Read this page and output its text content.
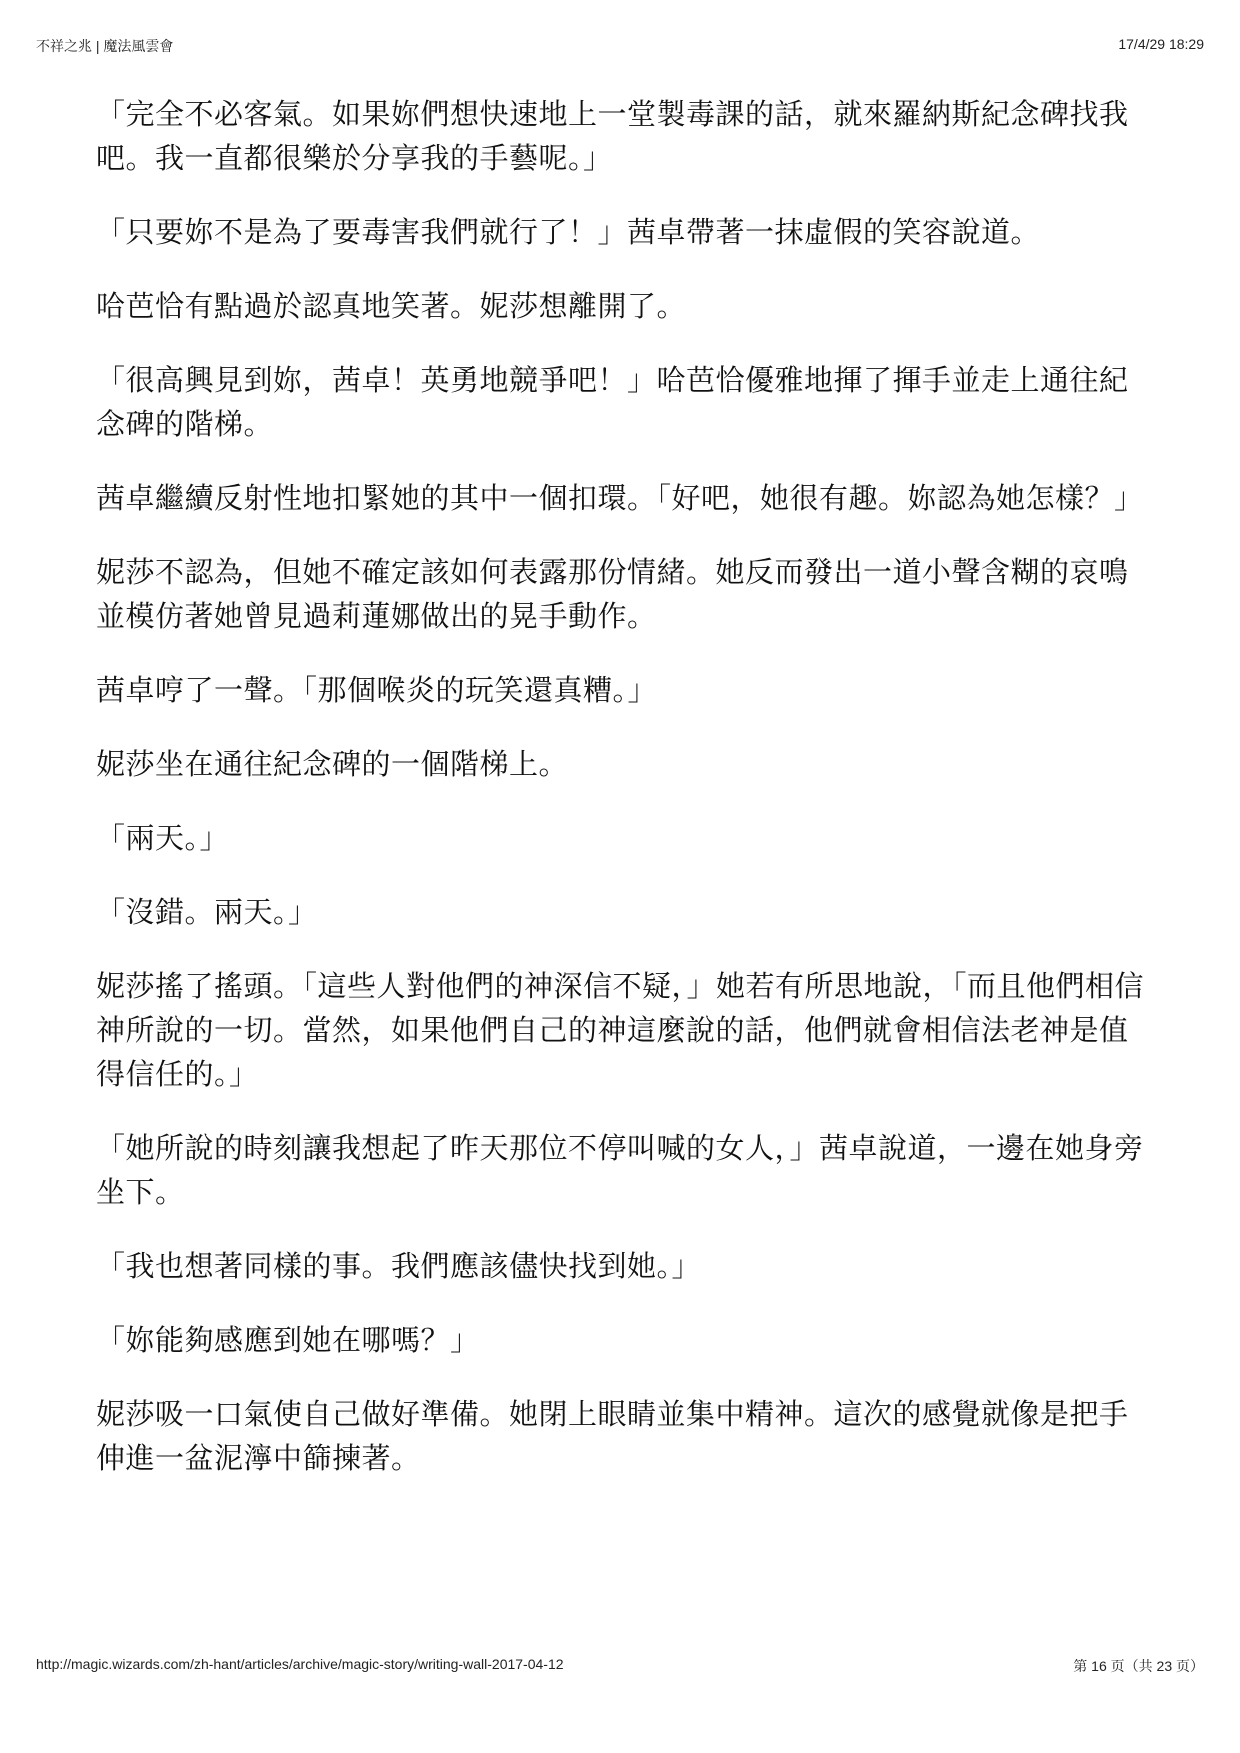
不祥之兆 | 魔法風雲會	17/4/29 18:29

「完全不必客氣。如果妳們想快速地上一堂製毒課的話，就來羅納斯紀念碑找我吧。我一直都很樂於分享我的手藝呢。」

「只要妳不是為了要毒害我們就行了！」茜卓帶著一抹虛假的笑容說道。

哈芭恰有點過於認真地笑著。妮莎想離開了。

「很高興見到妳，茜卓！英勇地競爭吧！」哈芭恰優雅地揮了揮手並走上通往紀念碑的階梯。

茜卓繼續反射性地扣緊她的其中一個扣環。「好吧，她很有趣。妳認為她怎樣？」

妮莎不認為，但她不確定該如何表露那份情緒。她反而發出一道小聲含糊的哀鳴並模仿著她曾見過莉蓮娜做出的晃手動作。

茜卓哼了一聲。「那個喉炎的玩笑還真糟。」

妮莎坐在通往紀念碑的一個階梯上。

「兩天。」

「沒錯。兩天。」

妮莎搖了搖頭。「這些人對他們的神深信不疑，」她若有所思地說，「而且他們相信神所說的一切。當然，如果他們自己的神這麼說的話，他們就會相信法老神是值得信任的。」

「她所說的時刻讓我想起了昨天那位不停叫喊的女人，」茜卓說道，一邊在她身旁坐下。

「我也想著同樣的事。我們應該儘快找到她。」

「妳能夠感應到她在哪嗎？」

妮莎吸一口氣使自己做好準備。她閉上眼睛並集中精神。這次的感覺就像是把手伸進一盆泥濘中篩揀著。

http://magic.wizards.com/zh-hant/articles/archive/magic-story/writing-wall-2017-04-12	第 16 页（共 23 页）
